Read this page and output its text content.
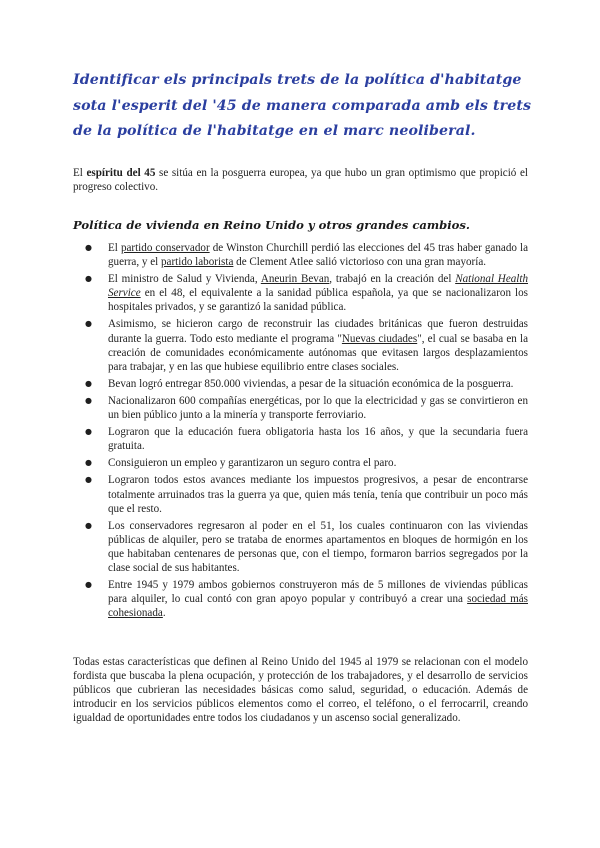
Identificar els principals trets de la política d'habitatge sota l'esperit del '45 de manera comparada amb els trets de la política de l'habitatge en el marc neoliberal.

El espíritu del 45 se sitúa en la posguerra europea, ya que hubo un gran optimismo que propició el progreso colectivo.

Política de vivienda en Reino Unido y otros grandes cambios.
● El partido conservador de Winston Churchill perdió las elecciones del 45 tras haber ganado la guerra, y el partido laborista de Clement Atlee salió victorioso con una gran mayoría.
● El ministro de Salud y Vivienda, Aneurin Bevan, trabajó en la creación del National Health Service en el 48, el equivalente a la sanidad pública española, ya que se nacionalizaron los hospitales privados, y se garantizó la sanidad pública.
● Asimismo, se hicieron cargo de reconstruir las ciudades británicas que fueron destruidas durante la guerra. Todo esto mediante el programa "Nuevas ciudades", el cual se basaba en la creación de comunidades económicamente autónomas que evitasen largos desplazamientos para trabajar, y en las que hubiese equilibrio entre clases sociales.
● Bevan logró entregar 850.000 viviendas, a pesar de la situación económica de la posguerra.
● Nacionalizaron 600 compañías energéticas, por lo que la electricidad y gas se convirtieron en un bien público junto a la minería y transporte ferroviario.
● Lograron que la educación fuera obligatoria hasta los 16 años, y que la secundaria fuera gratuita.
● Consiguieron un empleo y garantizaron un seguro contra el paro.
● Lograron todos estos avances mediante los impuestos progresivos, a pesar de encontrarse totalmente arruinados tras la guerra ya que, quien más tenía, tenía que contribuir un poco más que el resto.
● Los conservadores regresaron al poder en el 51, los cuales continuaron con las viviendas públicas de alquiler, pero se trataba de enormes apartamentos en bloques de hormigón en los que habitaban centenares de personas que, con el tiempo, formaron barrios segregados por la clase social de sus habitantes.
● Entre 1945 y 1979 ambos gobiernos construyeron más de 5 millones de viviendas públicas para alquiler, lo cual contó con gran apoyo popular y contribuyó a crear una sociedad más cohesionada.

Todas estas características que definen al Reino Unido del 1945 al 1979 se relacionan con el modelo fordista que buscaba la plena ocupación, y protección de los trabajadores, y el desarrollo de servicios públicos que cubrieran las necesidades básicas como salud, seguridad, o educación. Además de introducir en los servicios públicos elementos como el correo, el teléfono, o el ferrocarril, creando igualdad de oportunidades entre todos los ciudadanos y un ascenso social generalizado.
